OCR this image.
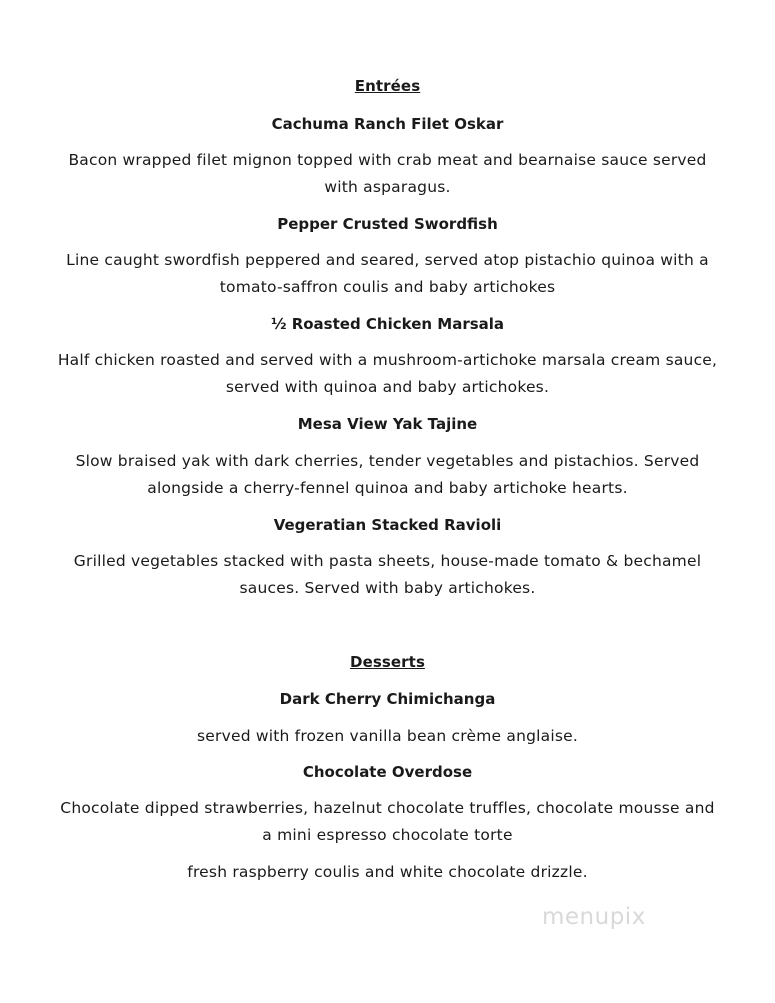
Entrées
Cachuma Ranch Filet Oskar
Bacon wrapped filet mignon topped with crab meat and bearnaise sauce served
with asparagus.
Pepper Crusted Swordfish
Line caught swordfish peppered and seared, served atop pistachio quinoa with a
tomato-saffron coulis and baby artichokes
½ Roasted Chicken Marsala
Half chicken roasted and served with a mushroom-artichoke marsala cream sauce,
served with quinoa and baby artichokes.
Mesa View Yak Tajine
Slow braised yak with dark cherries, tender vegetables and pistachios. Served
alongside a cherry-fennel quinoa and baby artichoke hearts.
Vegeratian Stacked Ravioli
Grilled vegetables stacked with pasta sheets, house-made tomato & bechamel
sauces. Served with baby artichokes.
Desserts
Dark Cherry Chimichanga
served with frozen vanilla bean crème anglaise.
Chocolate Overdose
Chocolate dipped strawberries, hazelnut chocolate truffles, chocolate mousse and
a mini espresso chocolate torte
fresh raspberry coulis and white chocolate drizzle.
menupix
